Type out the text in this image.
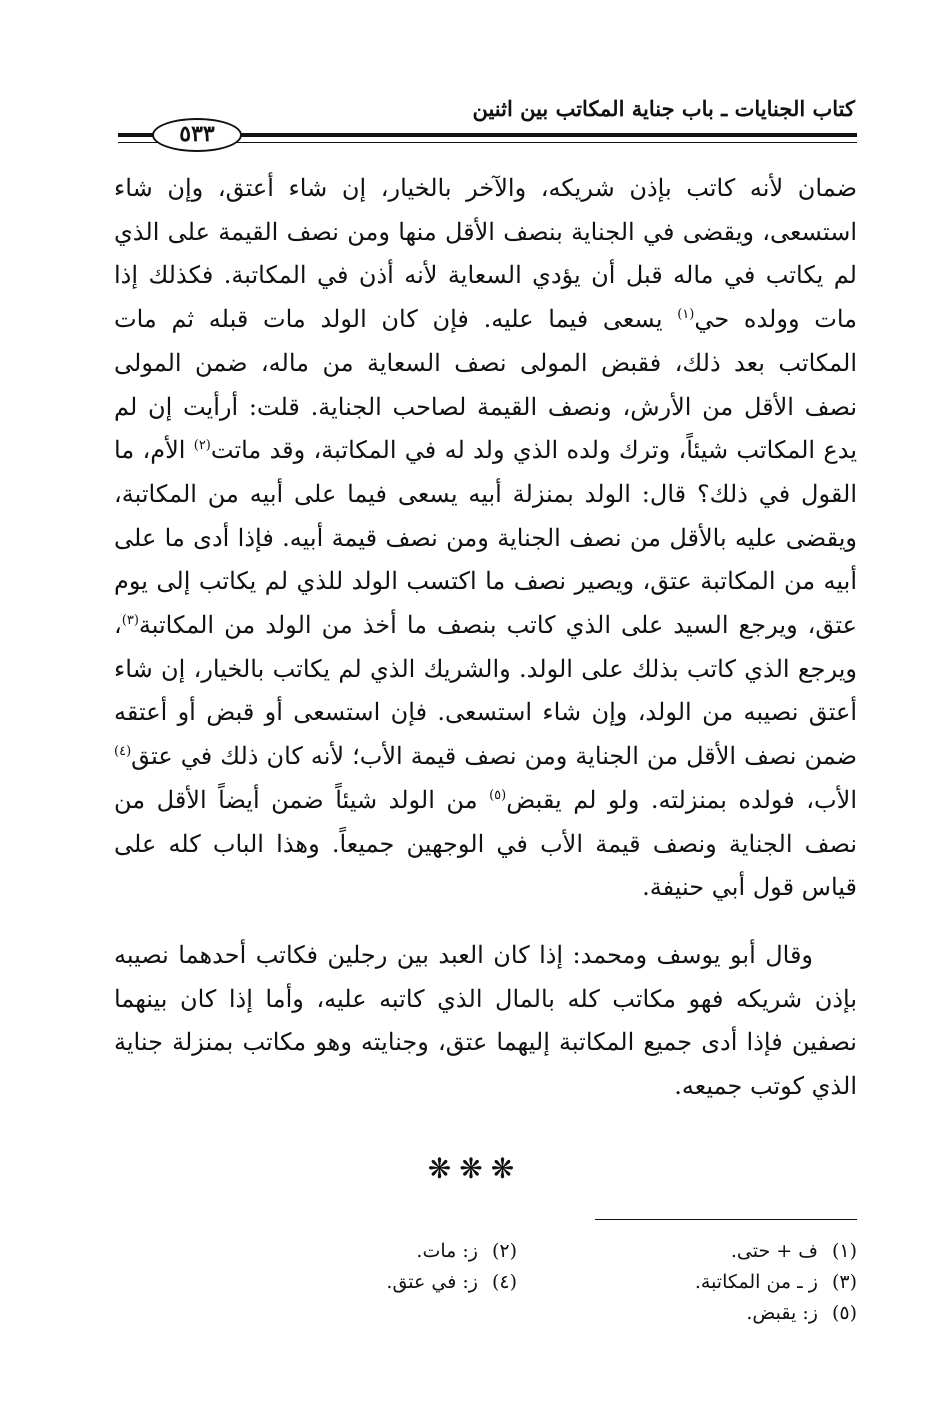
كتاب الجنايات ـ باب جناية المكاتب بين اثنين
٥٣٣
ضمان لأنه كاتب بإذن شريكه، والآخر بالخيار، إن شاء أعتق، وإن شاء استسعى، ويقضى في الجناية بنصف الأقل منها ومن نصف القيمة على الذي لم يكاتب في ماله قبل أن يؤدي السعاية لأنه أذن في المكاتبة. فكذلك إذا مات وولده حي$^{(١)}$ يسعى فيما عليه. فإن كان الولد مات قبله ثم مات المكاتب بعد ذلك، فقبض المولى نصف السعاية من ماله، ضمن المولى نصف الأقل من الأرش، ونصف القيمة لصاحب الجناية. قلت: أرأيت إن لم يدع المكاتب شيئاً، وترك ولده الذي ولد له في المكاتبة، وقد ماتت$^{(٢)}$ الأم، ما القول في ذلك؟ قال: الولد بمنزلة أبيه يسعى فيما على أبيه من المكاتبة، ويقضى عليه بالأقل من نصف الجناية ومن نصف قيمة أبيه. فإذا أدى ما على أبيه من المكاتبة عتق، ويصير نصف ما اكتسب الولد للذي لم يكاتب إلى يوم عتق، ويرجع السيد على الذي كاتب بنصف ما أخذ من الولد من المكاتبة$^{(٣)}$، ويرجع الذي كاتب بذلك على الولد. والشريك الذي لم يكاتب بالخيار، إن شاء أعتق نصيبه من الولد، وإن شاء استسعى. فإن استسعى أو قبض أو أعتقه ضمن نصف الأقل من الجناية ومن نصف قيمة الأب؛ لأنه كان ذلك في عتق$^{(٤)}$ الأب، فولده بمنزلته. ولو لم يقبض$^{(٥)}$ من الولد شيئاً ضمن أيضاً الأقل من نصف الجناية ونصف قيمة الأب في الوجهين جميعاً. وهذا الباب كله على قياس قول أبي حنيفة.
وقال أبو يوسف ومحمد: إذا كان العبد بين رجلين فكاتب أحدهما نصيبه بإذن شريكه فهو مكاتب كله بالمال الذي كاتبه عليه، وأما إذا كان بينهما نصفين فإذا أدى جميع المكاتبة إليهما عتق، وجنايته وهو مكاتب بمنزلة جناية الذي كوتب جميعه.
❋❋❋
(١)ف + حتى.
(٢)ز: مات.
(٣)ز ـ من المكاتبة.
(٤)ز: في عتق.
(٥)ز: يقبض.
